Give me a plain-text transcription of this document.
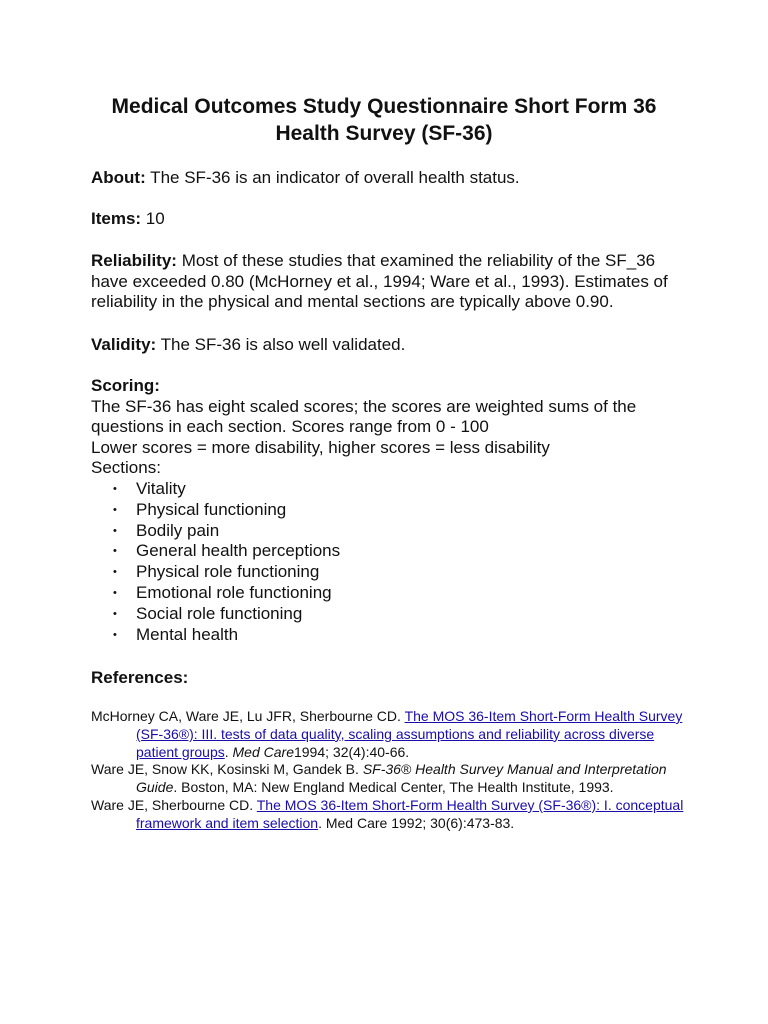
Medical Outcomes Study Questionnaire Short Form 36
Health Survey (SF-36)
About: The SF-36 is an indicator of overall health status.
Items: 10
Reliability: Most of these studies that examined the reliability of the SF_36 have exceeded 0.80 (McHorney et al., 1994; Ware et al., 1993). Estimates of reliability in the physical and mental sections are typically above 0.90.
Validity: The SF-36 is also well validated.
Scoring:
The SF-36 has eight scaled scores; the scores are weighted sums of the questions in each section. Scores range from 0 - 100
Lower scores = more disability, higher scores = less disability
Sections:
• Vitality
• Physical functioning
• Bodily pain
• General health perceptions
• Physical role functioning
• Emotional role functioning
• Social role functioning
• Mental health
References:

McHorney CA, Ware JE, Lu JFR, Sherbourne CD. The MOS 36-Item Short-Form Health Survey (SF-36®): III. tests of data quality, scaling assumptions and reliability across diverse patient groups. Med Care1994; 32(4):40-66.

Ware JE, Snow KK, Kosinski M, Gandek B. SF-36® Health Survey Manual and Interpretation Guide. Boston, MA: New England Medical Center, The Health Institute, 1993.

Ware JE, Sherbourne CD. The MOS 36-Item Short-Form Health Survey (SF-36®): I. conceptual framework and item selection. Med Care 1992; 30(6):473-83.
